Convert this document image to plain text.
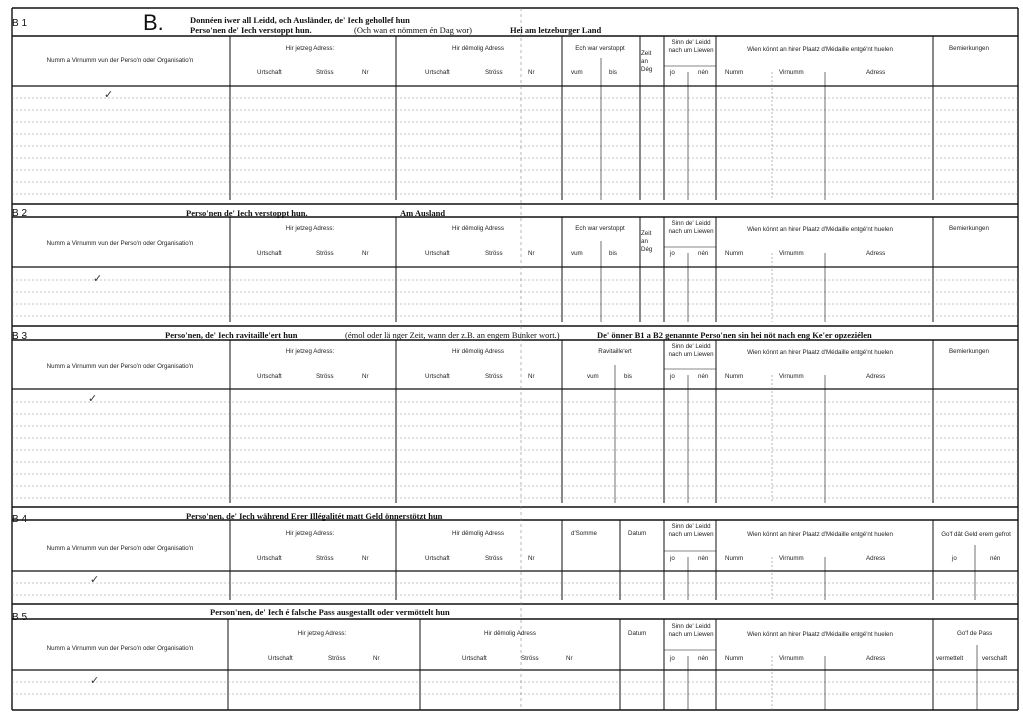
B.
B 1	Donnéen iwer all Leidd, och Ausländer, de' Iech gehollef hun
Perso'nen de' Iech verstoppt hun.	(Och wan et nömmen én Dag wor)	Hei am letzeburger Land
Numm a Virnumm vun der Perso'n oder Organisatio'n
Hir jetzeg Adress:
Urtschaft	Ströss	Nr
Hir dêmolig Adress
Urtschaft	Ströss	Nr
Ech war verstoppt
vum	bis
Zeit an Dég
Sinn de' Leidd nach um Liewen
jo	nén
Wien könnt an hirer Plaatz d'Médaille entgé'nt huelen
Numm	Virnumm	Adress
Bemierkungen
✓
B 2	Perso'nen de' Iech verstoppt hun.	Am Ausland
Numm a Virnumm vun der Perso'n oder Organisatio'n
Hir jetzeg Adress:
Urtschaft	Ströss	Nr
Hir dêmolig Adress
Urtschaft	Ströss	Nr
Ech war verstoppt
vum	bis
Zeit an Dég
Sinn de' Leidd nach um Liewen
jo	nén
Wien könnt an hirer Plaatz d'Médaille entgé'nt huelen
Numm	Virnumm	Adress
Bemierkungen
✓
B 3	Perso'nen, de' Iech ravitaille'ert hun	(émol oder lä nger Zeit, wann der z.B. an engem Bunker wort.)	De' önner B1 a B2 genannte Perso'nen sin hei nöt nach eng Ke'er opzeziélen
Numm a Virnumm vun der Perso'n oder Organisatio'n
Hir jetzeg Adress:
Urtschaft	Ströss	Nr
Hir dêmolig Adress
Urtschaft	Ströss	Nr
Ravitaille'ert
vum	bis
Sinn de' Leidd nach um Liewen
jo	nén
Wien könnt an hirer Plaatz d'Médaille entgé'nt huelen
Numm	Virnumm	Adress
Bemierkungen
✓
B 4	Perso'nen, de' Iech während Erer Illégalitét matt Geld önnerstötzt hun
Numm a Virnumm vun der Perso'n oder Organisatio'n
Hir jetzeg Adress:
Urtschaft	Ströss	Nr
Hir dêmolig Adress
Urtschaft	Ströss	Nr
d'Somme	Datum
Sinn de' Leidd nach um Liewen
jo	nén
Wien könnt an hirer Plaatz d'Médaille entgé'nt huelen
Numm	Virnumm	Adress
Go'f dât Geld erem gefrot
jo	nén
✓
B 5	Person'nen, de' Iech é falsche Pass ausgestallt oder vermöttelt hun
Numm a Virnumm vun der Perso'n oder Organisatio'n
Hir jetzeg Adress:
Urtschaft	Ströss	Nr
Hir dêmolig Adress
Urtschaft	Ströss	Nr
Datum
Sinn de' Leidd nach um Liewen
jo	nén
Wien könnt an hirer Plaatz d'Médaille entgé'nt huelen
Numm	Virnumm	Adress
Go'f de Pass
vermettelt	verschaft
✓
